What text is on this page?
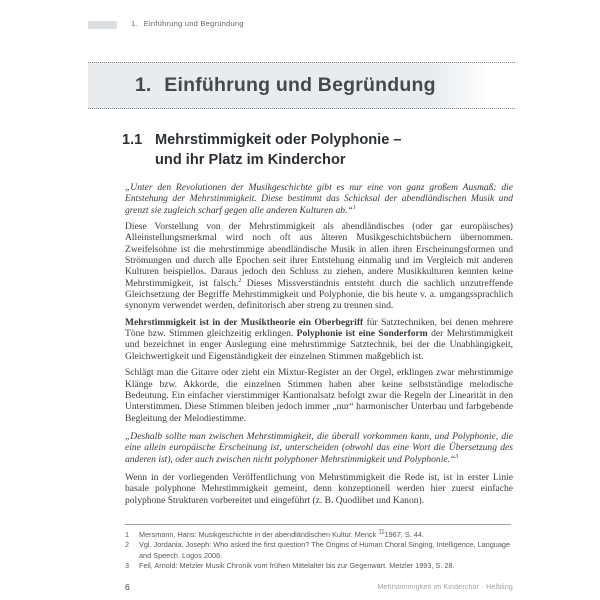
1. Einführung und Begründung
1. Einführung und Begründung
1.1 Mehrstimmigkeit oder Polyphonie –
und ihr Platz im Kinderchor

„Unter den Revolutionen der Musikgeschichte gibt es nur eine von ganz großem Ausmaß: die Entstehung der Mehrstimmigkeit. Diese bestimmt das Schicksal der abendländischen Musik und grenzt sie zugleich scharf gegen alle anderen Kulturen ab.“$^1$

Diese Vorstellung von der Mehrstimmigkeit als abendländisches (oder gar europäisches) Alleinstellungsmerkmal wird noch oft aus älteren Musikgeschichtsbüchern übernommen. Zweifelsohne ist die mehrstimmige abendländische Musik in allen ihren Erscheinungsformen und Strömungen und durch alle Epochen seit ihrer Entstehung einmalig und im Vergleich mit anderen Kulturen beispiellos. Daraus jedoch den Schluss zu ziehen, andere Musikkulturen kennten keine Mehrstimmigkeit, ist falsch.$^2$ Dieses Missverständnis entsteht durch die sachlich unzutreffende Gleichsetzung der Begriffe Mehrstimmigkeit und Polyphonie, die bis heute v. a. umgangssprachlich synonym verwendet werden, definitorisch aber streng zu trennen sind.

Mehrstimmigkeit ist in der Musiktheorie ein Oberbegriff für Satztechniken, bei denen mehrere Töne bzw. Stimmen gleichzeitig erklingen. Polyphonie ist eine Sonderform der Mehrstimmigkeit und bezeichnet in enger Auslegung eine mehrstimmige Satztechnik, bei der die Unabhängigkeit, Gleichwertigkeit und Eigenständigkeit der einzelnen Stimmen maßgeblich ist.

Schlägt man die Gitarre oder zieht ein Mixtur-Register an der Orgel, erklingen zwar mehrstimmige Klänge bzw. Akkorde, die einzelnen Stimmen haben aber keine selbstständige melodische Bedeutung. Ein einfacher vierstimmiger Kantionalsatz befolgt zwar die Regeln der Linearität in den Unterstimmen. Diese Stimmen bleiben jedoch immer „nur“ harmonischer Unterbau und farbgebende Begleitung der Melodiestimme.

„Deshalb sollte man zwischen Mehrstimmigkeit, die überall vorkommen kann, und Polyphonie, die eine allein europäische Erscheinung ist, unterscheiden (obwohl das eine Wort die Übersetzung des anderen ist), oder auch zwischen nicht polyphoner Mehrstimmigkeit und Polyphonie.“$^3$

Wenn in der vorliegenden Veröffentlichung von Mehrstimmigkeit die Rede ist, ist in erster Linie basale polyphone Mehrstimmigkeit gemeint, denn konzeptionell werden hier zuerst einfache polyphone Strukturen vorbereitet und eingeführt (z. B. Quodlibet und Kanon).

1	Mersmann, Hans: Musikgeschichte in der abendländischen Kultur. Menck $^{11}$1967, S. 44.
2	Vgl. Jordania, Joseph: Who asked the first question? The Origins of Human Choral Singing, Intelligence, Language and Speech. Logos 2006.
3	Feil, Arnold: Metzler Musik Chronik vom frühen Mittelalter bis zur Gegenwart. Metzler 1993, S. 28.
6	Mehrstimmigkeit im Kinderchor · Helbling
